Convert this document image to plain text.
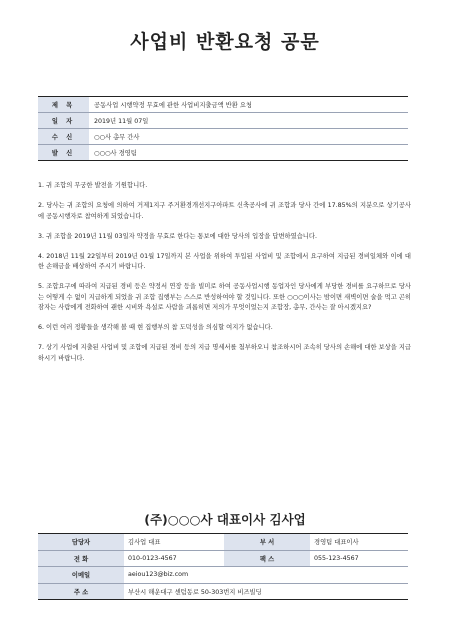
사업비 반환요청 공문
제 목	공동사업 시행약정 무효에 관한 사업비지출금액 반환 요청
일 자	2019년 11월 07일
수 신	○○사 총무 간사
발 신	○○○사 경영팀

1. 귀 조합의 무궁한 발전을 기원합니다.

2. 당사는 귀 조합의 요청에 의하여 거제1지구 주거환경개선지구아파트 신축공사에 귀 조합과 당사 간에 17.85%의 지분으로 상기공사에 공동시행자로 참여하게 되었습니다.

3. 귀 조합을 2019년 11월 03일자 약정을 무효로 한다는 통보에 대한 당사의 입장을 답변하였습니다.

4. 2018년 11월 22일부터 2019년 01월 17일까지 본 사업을 위하여 투입된 사업비 및 조합에서 요구하여 지급된 경비일체와 이에 대한 손해금을 배상하여 주시기 바랍니다.

5. 조합요구에 따라여 지급된 경비 등은 약정서 연장 등을 빌미로 하여 공동사업시행 동업자인 당사에게 부당한 경비를 요구하므로 당사는 어떻게 수 없이 지급하게 되었을 귀 조합 집행부는 스스로 반성하여야 할 것입니다. 또한 ○○○이사는 밤이면 새벽이면 술을 먹고 곤히 잠자는 사람에게 전화하여 괜한 시비와 욕설로 사람을 괴롭히면 저의가 무엇이었는지 조합장, 총무, 간사는 잘 아시겠지요?

6. 이런 여러 정황들을 생각해 볼 때 현 집행부의 참 도덕성을 의심할 여지가 없습니다.

7. 상기 사업에 지출된 사업비 및 조합에 지급된 경비 등의 지급 명세서를 첨부하오니 참조하시어 조속히 당사의 손해에 대한 보상을 지급하시기 바랍니다.

(주)○○○사 대표이사 김사업
담당자	김사업 대표	부 서	경영팀 대표이사
전 화	010-0123-4567	팩 스	055-123-4567
이메일	aeiou123@biz.com		
주 소	부산시 해운대구 센텀동로 50-303번지 비즈빌딩		
